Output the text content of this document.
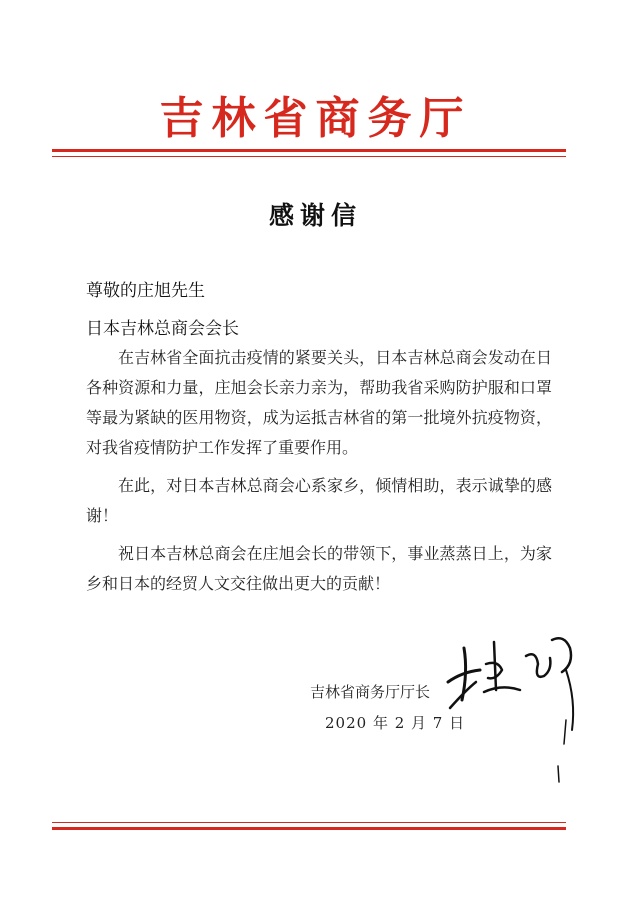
吉林省商务厅
感谢信
尊敬的庄旭先生
日本吉林总商会会长

在吉林省全面抗击疫情的紧要关头，日本吉林总商会发动在日各种资源和力量，庄旭会长亲力亲为，帮助我省采购防护服和口罩等最为紧缺的医用物资，成为运抵吉林省的第一批境外抗疫物资，对我省疫情防护工作发挥了重要作用。

在此，对日本吉林总商会心系家乡，倾情相助，表示诚挚的感谢！

祝日本吉林总商会在庄旭会长的带领下，事业蒸蒸日上，为家乡和日本的经贸人文交往做出更大的贡献！

吉林省商务厅厅长
2020 年 2 月 7 日
